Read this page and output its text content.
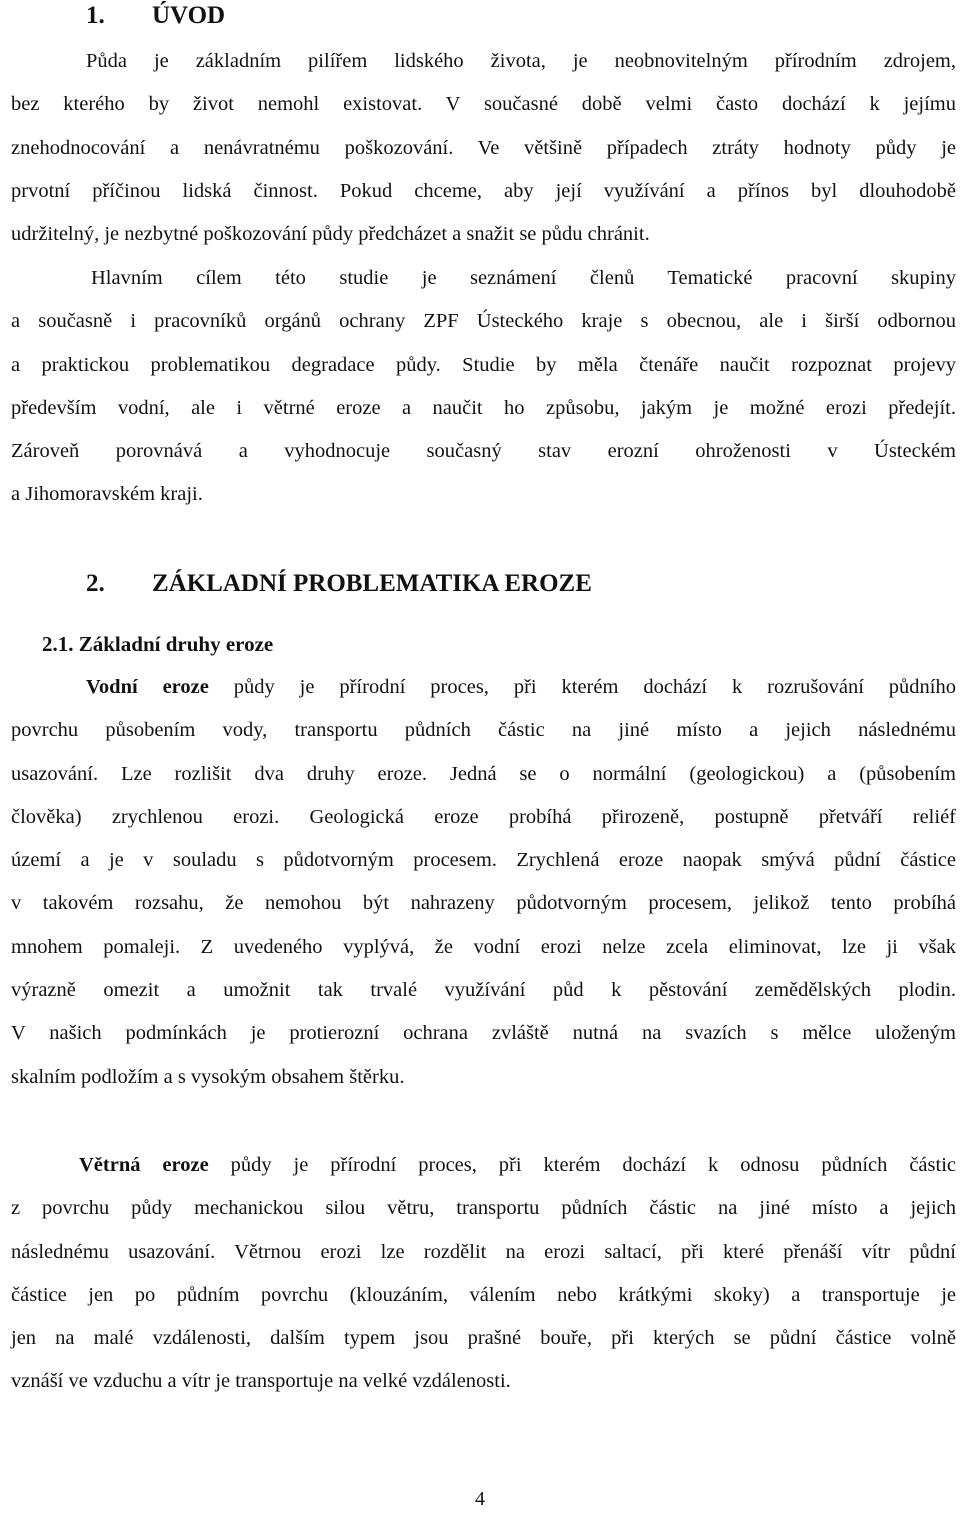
1. ÚVOD
Půda je základním pilířem lidského života, je neobnovitelným přírodním zdrojem,
bez kterého by život nemohl existovat. V současné době velmi často dochází k jejímu
znehodnocování a nenávratnému poškozování. Ve většině případech ztráty hodnoty půdy je
prvotní příčinou lidská činnost. Pokud chceme, aby její využívání a přínos byl dlouhodobě
udržitelný, je nezbytné poškozování půdy předcházet a snažit se půdu chránit.
Hlavním cílem této studie je seznámení členů Tematické pracovní skupiny
a současně i pracovníků orgánů ochrany ZPF Ústeckého kraje s obecnou, ale i širší odbornou
a praktickou problematikou degradace půdy. Studie by měla čtenáře naučit rozpoznat projevy
především vodní, ale i větrné eroze a naučit ho způsobu, jakým je možné erozi předejít.
Zároveň porovnává a vyhodnocuje současný stav erozní ohroženosti v Ústeckém
a Jihomoravském kraji.
2. ZÁKLADNÍ PROBLEMATIKA EROZE
2.1. Základní druhy eroze
Vodní eroze půdy je přírodní proces, při kterém dochází k rozrušování půdního
povrchu působením vody, transportu půdních částic na jiné místo a jejich následnému
usazování. Lze rozlišit dva druhy eroze. Jedná se o normální (geologickou) a (působením
člověka) zrychlenou erozi. Geologická eroze probíhá přirozeně, postupně přetváří reliéf
území a je v souladu s půdotvorným procesem. Zrychlená eroze naopak smývá půdní částice
v takovém rozsahu, že nemohou být nahrazeny půdotvorným procesem, jelikož tento probíhá
mnohem pomaleji. Z uvedeného vyplývá, že vodní erozi nelze zcela eliminovat, lze ji však
výrazně omezit a umožnit tak trvalé využívání půd k pěstování zemědělských plodin.
V našich podmínkách je protierozní ochrana zvláště nutná na svazích s mělce uloženým
skalním podložím a s vysokým obsahem štěrku.
Větrná eroze půdy je přírodní proces, při kterém dochází k odnosu půdních částic
z povrchu půdy mechanickou silou větru, transportu půdních částic na jiné místo a jejich
následnému usazování. Větrnou erozi lze rozdělit na erozi saltací, při které přenáší vítr půdní
částice jen po půdním povrchu (klouzáním, válením nebo krátkými skoky) a transportuje je
jen na malé vzdálenosti, dalším typem jsou prašné bouře, při kterých se půdní částice volně
vznáší ve vzduchu a vítr je transportuje na velké vzdálenosti.
4
